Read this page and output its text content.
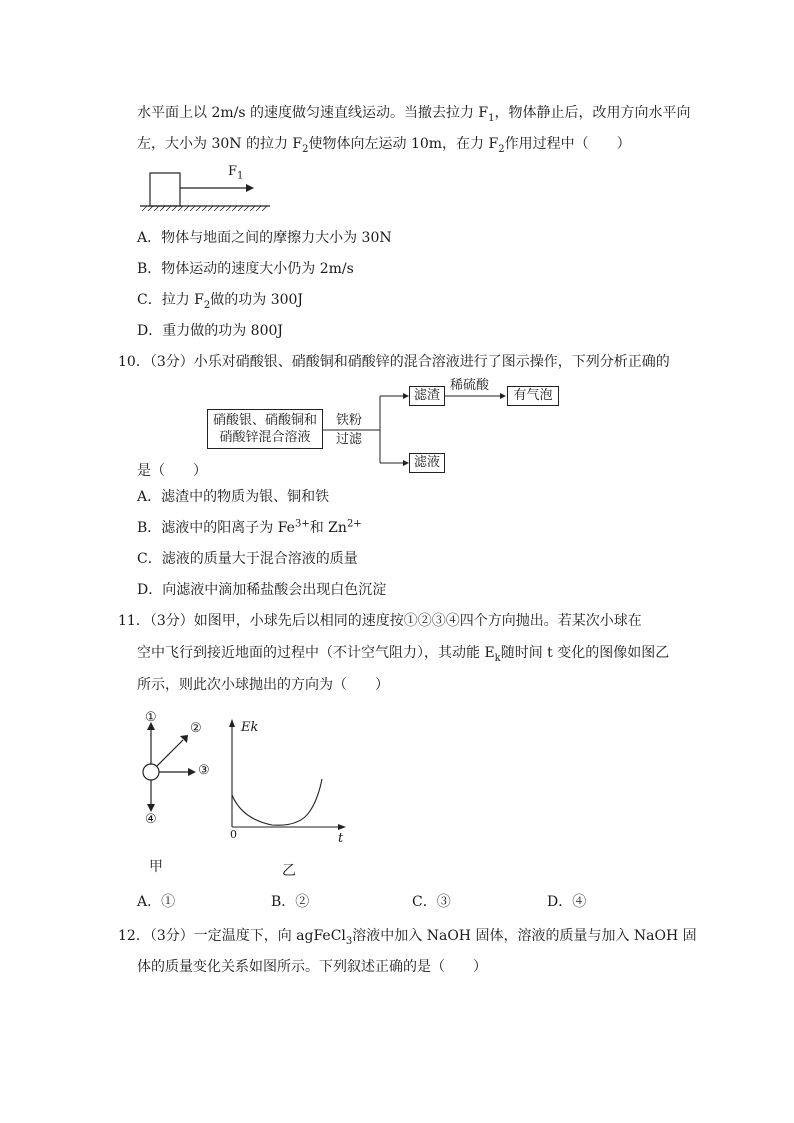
水平面上以 2m/s 的速度做匀速直线运动。当撤去拉力 $F_1$，物体静止后，改用方向水平向
左，大小为 30N 的拉力 $F_2$使物体向左运动 10m，在力 $F_2$作用过程中（　　）
$F_1$
A．物体与地面之间的摩擦力大小为 30N
B．物体运动的速度大小仍为 2m/s
C．拉力 $F_2$做的功为 300J
D．重力做的功为 800J
10．（3分）小乐对硝酸银、硝酸铜和硝酸锌的混合溶液进行了图示操作，下列分析正确的
硝酸银、硝酸铜和
硝酸锌混合溶液
铁粉
过滤
滤渣
稀硫酸
有气泡
滤液
是（　　）
A．滤渣中的物质为银、铜和铁
B．滤液中的阳离子为 $Fe^{3+}$和 $Zn^{2+}$
C．滤液的质量大于混合溶液的质量
D．向滤液中滴加稀盐酸会出现白色沉淀
11．（3分）如图甲，小球先后以相同的速度按①②③④四个方向抛出。若某次小球在
空中飞行到接近地面的过程中（不计空气阻力），其动能 $E_k$随时间 t 变化的图像如图乙
所示，则此次小球抛出的方向为（　　）
①
②
③
④
Ek
0	t
甲	乙
A．①	B．②	C．③	D．④
12．（3分）一定温度下，向 agFeCl$_3$溶液中加入 NaOH 固体，溶液的质量与加入 NaOH 固
体的质量变化关系如图所示。下列叙述正确的是（　　）
